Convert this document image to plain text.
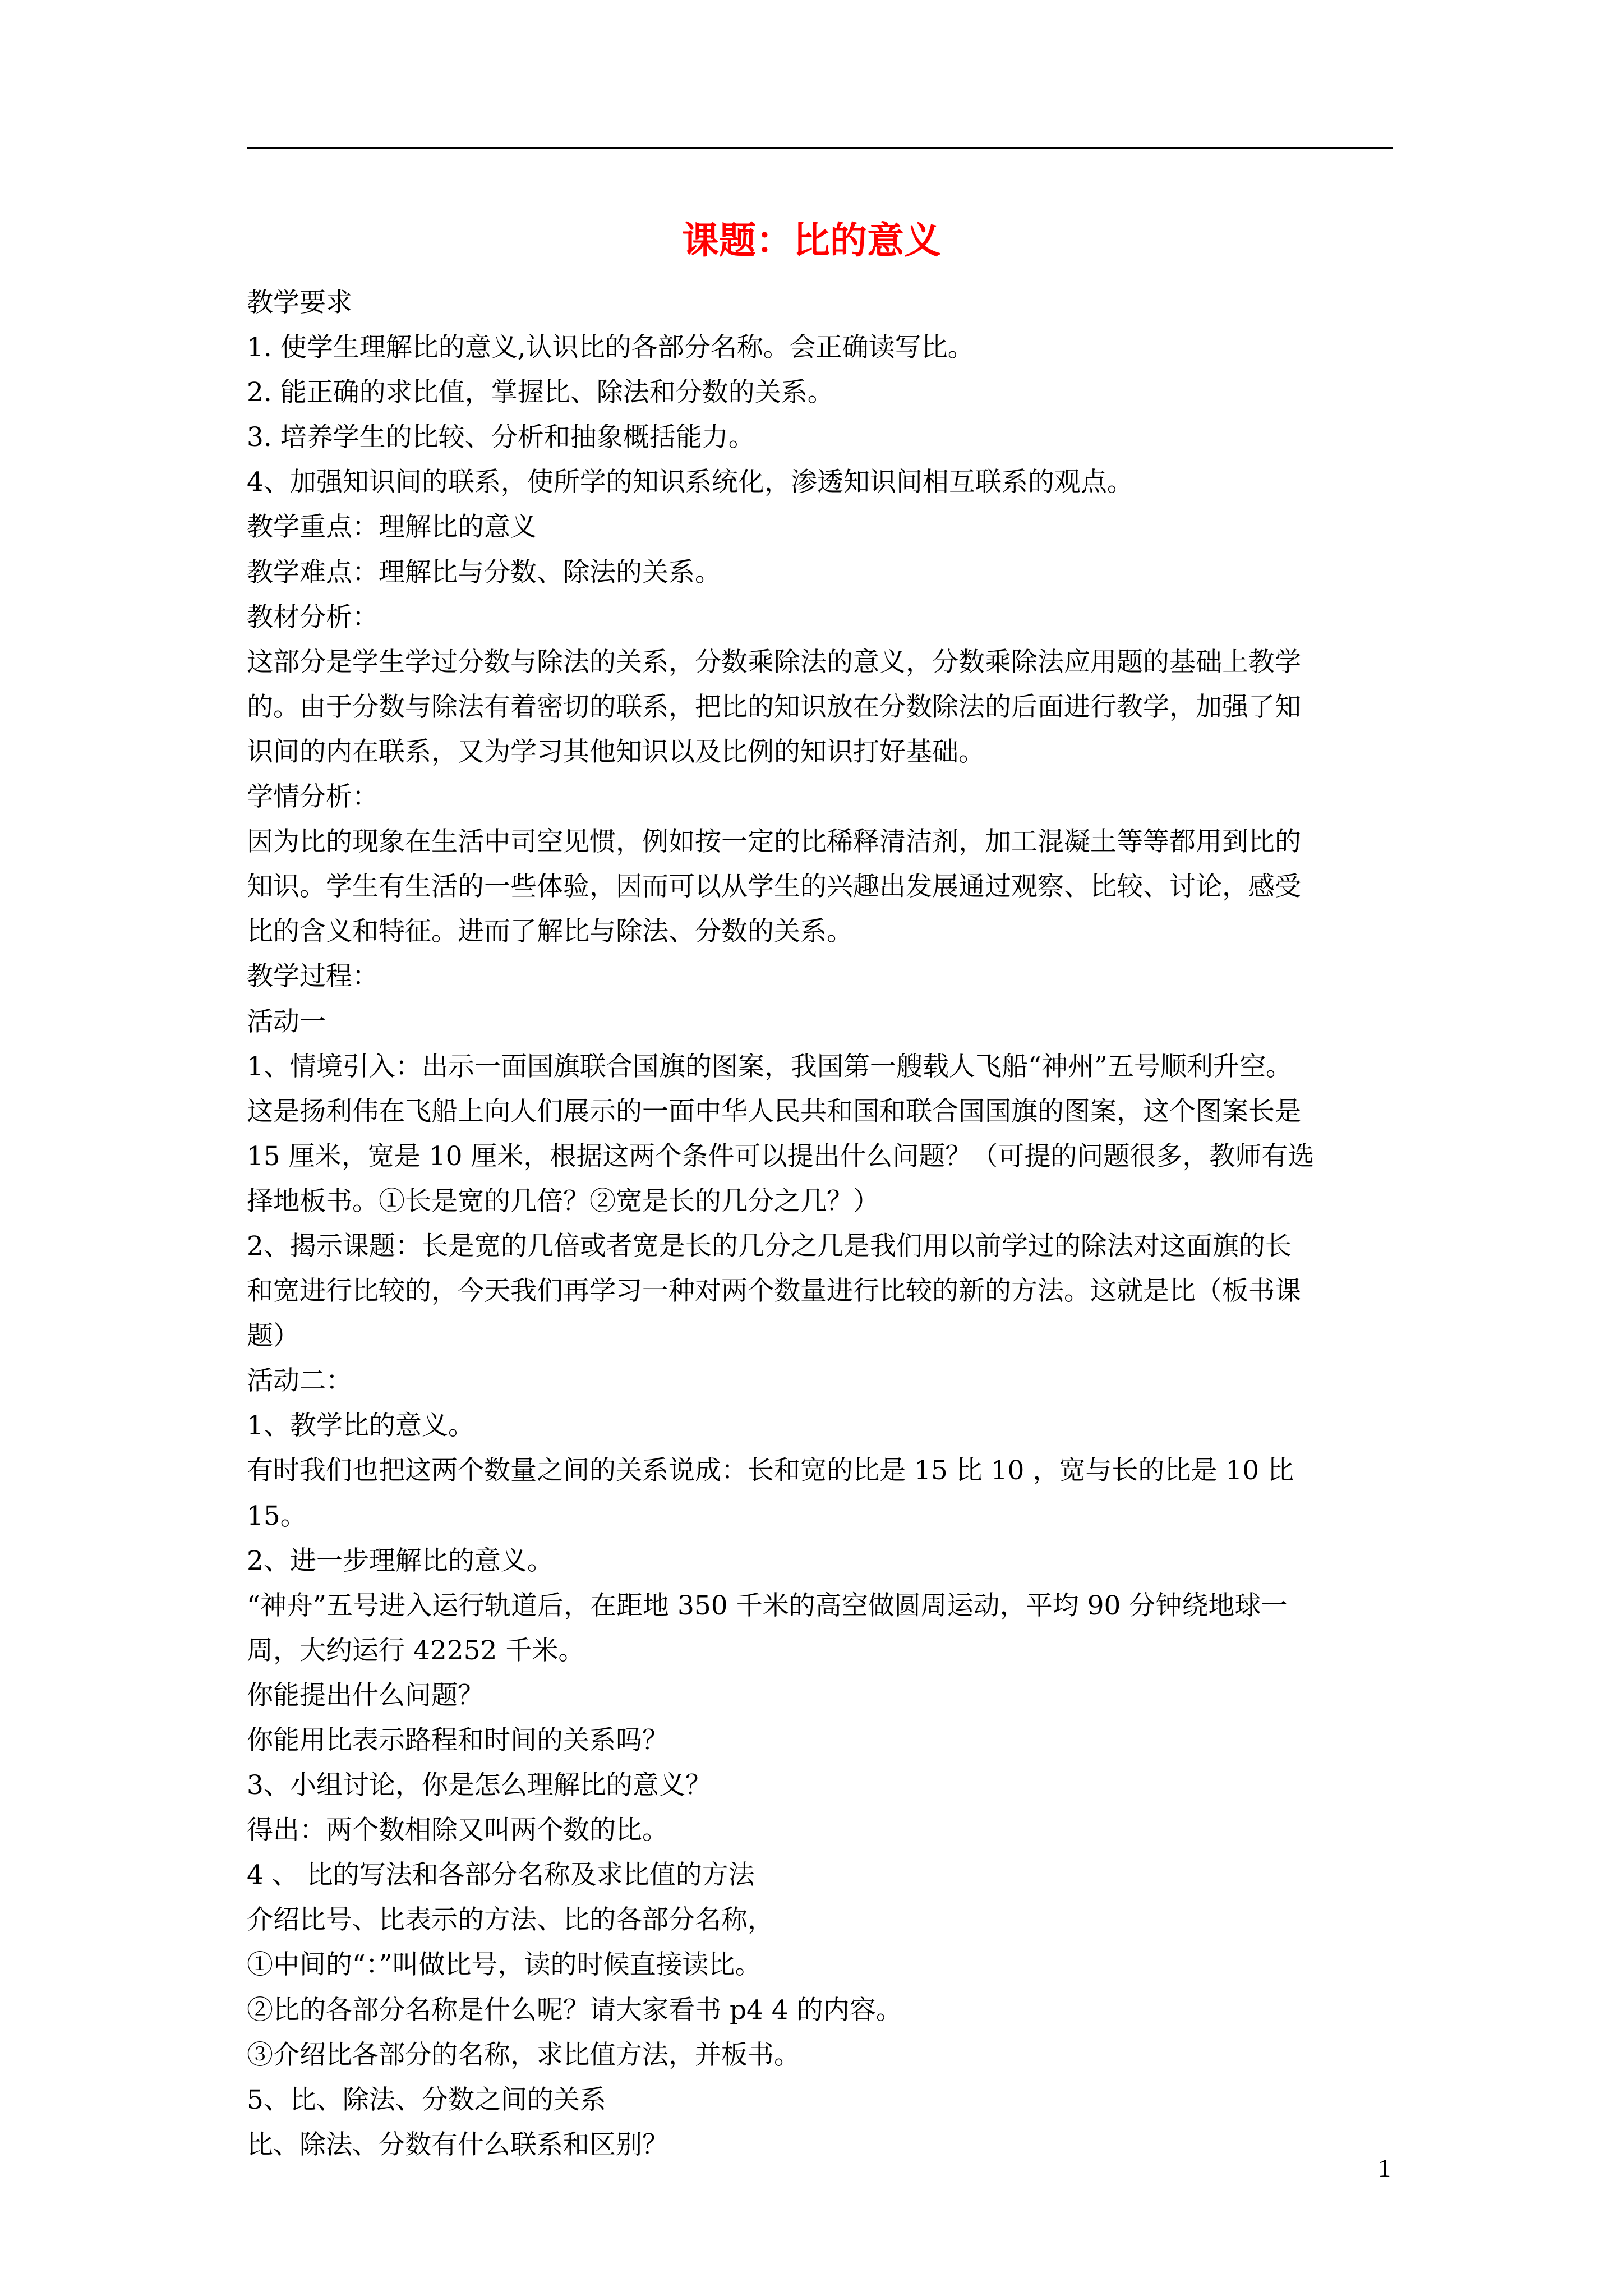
课题：比的意义

教学要求

1. 使学生理解比的意义,认识比的各部分名称。会正确读写比。

2. 能正确的求比值，掌握比、除法和分数的关系。

3. 培养学生的比较、分析和抽象概括能力。

4、加强知识间的联系，使所学的知识系统化，渗透知识间相互联系的观点。

教学重点：理解比的意义

教学难点：理解比与分数、除法的关系。

教材分析：

这部分是学生学过分数与除法的关系，分数乘除法的意义，分数乘除法应用题的基础上教学

的。由于分数与除法有着密切的联系，把比的知识放在分数除法的后面进行教学，加强了知

识间的内在联系，又为学习其他知识以及比例的知识打好基础。

学情分析：

因为比的现象在生活中司空见惯，例如按一定的比稀释清洁剂，加工混凝土等等都用到比的

知识。学生有生活的一些体验，因而可以从学生的兴趣出发展通过观察、比较、讨论，感受

比的含义和特征。进而了解比与除法、分数的关系。

教学过程：

活动一

1、情境引入：出示一面国旗联合国旗的图案，我国第一艘载人飞船“神州”五号顺利升空。

这是扬利伟在飞船上向人们展示的一面中华人民共和国和联合国国旗的图案，这个图案长是

15 厘米，宽是 10 厘米，根据这两个条件可以提出什么问题？（可提的问题很多，教师有选

择地板书。①长是宽的几倍？②宽是长的几分之几？）

2、揭示课题：长是宽的几倍或者宽是长的几分之几是我们用以前学过的除法对这面旗的长

和宽进行比较的，今天我们再学习一种对两个数量进行比较的新的方法。这就是比（板书课

题）

活动二：

1、教学比的意义。

有时我们也把这两个数量之间的关系说成：长和宽的比是 15 比 10 ，宽与长的比是 10 比

15。

2、进一步理解比的意义。

“神舟”五号进入运行轨道后，在距地 350 千米的高空做圆周运动，平均 90 分钟绕地球一

周，大约运行 42252 千米。

你能提出什么问题？

你能用比表示路程和时间的关系吗？

3、小组讨论，你是怎么理解比的意义？

得出：两个数相除又叫两个数的比。

4 、 比的写法和各部分名称及求比值的方法

介绍比号、比表示的方法、比的各部分名称，

①中间的“：”叫做比号，读的时候直接读比。

②比的各部分名称是什么呢？请大家看书 p4 4 的内容。

③介绍比各部分的名称，求比值方法，并板书。

5、比、除法、分数之间的关系

比、除法、分数有什么联系和区别？

1
